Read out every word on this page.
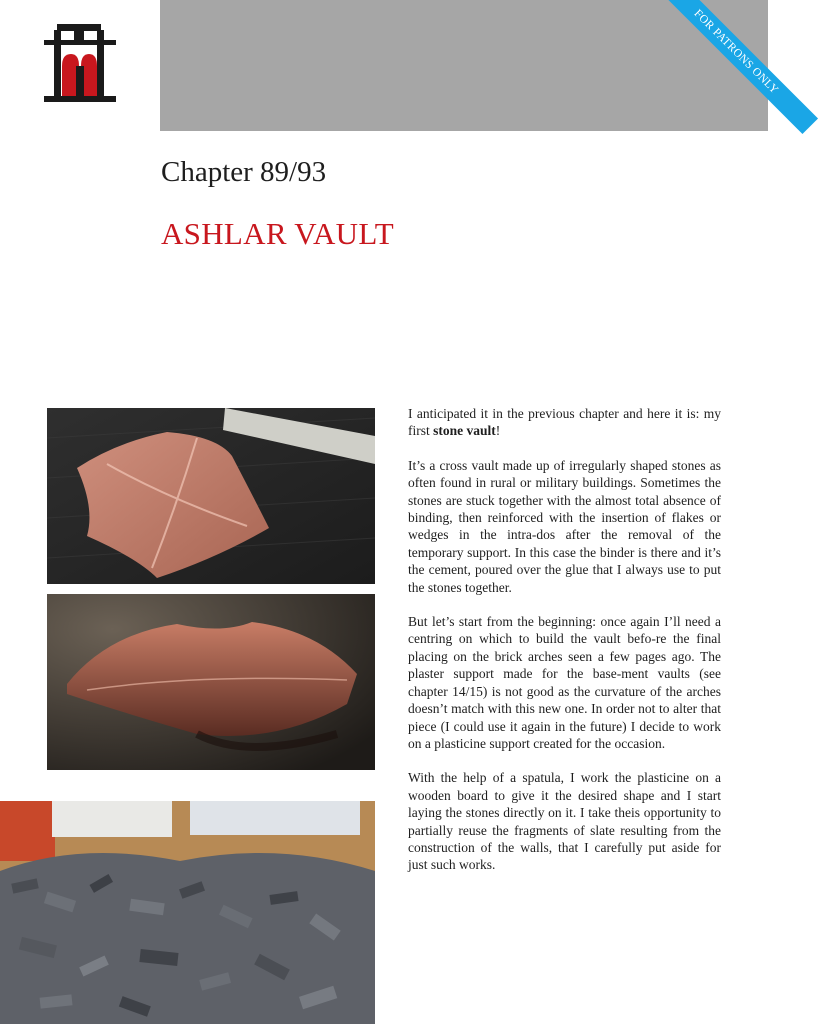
FOR PATRONS ONLY
Chapter 89/93
ASHLAR VAULT

I anticipated it in the previous chapter and here it is: my first stone vault!

It’s a cross vault made up of irregularly shaped stones as often found in rural or military buildings. Sometimes the stones are stuck together with the almost total absence of binding, then reinforced with the insertion of flakes or wedges in the intra-dos after the removal of the temporary support. In this case the binder is there and it’s the cement, poured over the glue that I always use to put the stones together.

But let’s start from the beginning: once again I’ll need a centring on which to build the vault befo-re the final placing on the brick arches seen a few pages ago. The plaster support made for the base-ment vaults (see chapter 14/15) is not good as the curvature of the arches doesn’t match with this new one. In order not to alter that piece (I could use it again in the future) I decide to work on a plasticine support created for the occasion.

With the help of a spatula, I work the plasticine on a wooden board to give it the desired shape and I start laying the stones directly on it. I take theis opportunity to partially reuse the fragments of slate resulting from the construction of the walls, that I carefully put aside for just such works.
